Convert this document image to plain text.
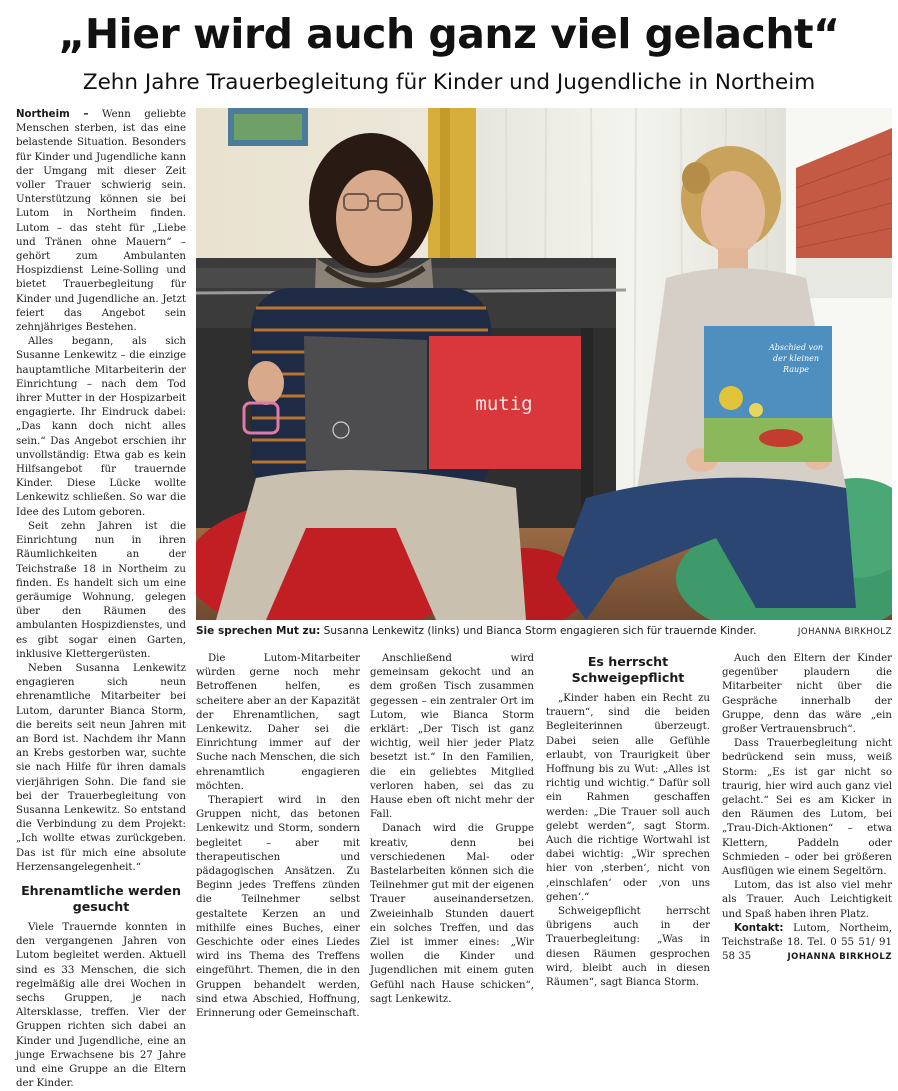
„Hier wird auch ganz viel gelacht“
Zehn Jahre Trauerbegleitung für Kinder und Jugendliche in Northeim

Northeim – Wenn geliebte Menschen sterben, ist das eine belastende Situation. Besonders für Kinder und Jugendliche kann der Umgang mit dieser Zeit voller Trauer schwierig sein. Unterstützung können sie bei Lutom in Northeim finden. Lutom – das steht für „Liebe und Tränen ohne Mauern“ – gehört zum Ambulanten Hospizdienst Leine-Solling und bietet Trauerbegleitung für Kinder und Jugendliche an. Jetzt feiert das Angebot sein zehnjähriges Bestehen.

Alles begann, als sich Susanne Lenkewitz – die einzige hauptamtliche Mitarbeiterin der Einrichtung – nach dem Tod ihrer Mutter in der Hospizarbeit engagierte. Ihr Eindruck dabei: „Das kann doch nicht alles sein.“ Das Angebot erschien ihr unvollständig: Etwa gab es kein Hilfsangebot für trauernde Kinder. Diese Lücke wollte Lenkewitz schließen. So war die Idee des Lutom geboren.

Seit zehn Jahren ist die Einrichtung nun in ihren Räumlichkeiten an der Teichstraße 18 in Northeim zu finden. Es handelt sich um eine geräumige Wohnung, gelegen über den Räumen des ambulanten Hospizdienstes, und es gibt sogar einen Garten, inklusive Klettergerüsten.

Neben Susanna Lenkewitz engagieren sich neun ehrenamtliche Mitarbeiter bei Lutom, darunter Bianca Storm, die bereits seit neun Jahren mit an Bord ist. Nachdem ihr Mann an Krebs gestorben war, suchte sie nach Hilfe für ihren damals vierjährigen Sohn. Die fand sie bei der Trauerbegleitung von Susanna Lenkewitz. So entstand die Verbindung zu dem Projekt: „Ich wollte etwas zurückgeben. Das ist für mich eine absolute Herzensangelegenheit.“

Ehrenamtliche werden gesucht

Viele Trauernde konnten in den vergangenen Jahren von Lutom begleitet werden. Aktuell sind es 33 Menschen, die sich regelmäßig alle drei Wochen in sechs Gruppen, je nach Altersklasse, treffen. Vier der Gruppen richten sich dabei an Kinder und Jugendliche, eine an junge Erwachsene bis 27 Jahre und eine Gruppe an die Eltern der Kinder.

mutig
Abschied von
der kleinen
Raupe
Sie sprechen Mut zu: Susanna Lenkewitz (links) und Bianca Storm engagieren sich für trauernde Kinder.	JOHANNA BIRKHOLZ

Die Lutom-Mitarbeiter würden gerne noch mehr Betroffenen helfen, es scheitere aber an der Kapazität der Ehrenamtlichen, sagt Lenkewitz. Daher sei die Einrichtung immer auf der Suche nach Menschen, die sich ehrenamtlich engagieren möchten.

Therapiert wird in den Gruppen nicht, das betonen Lenkewitz und Storm, sondern begleitet – aber mit therapeutischen und pädagogischen Ansätzen. Zu Beginn jedes Treffens zünden die Teilnehmer selbst gestaltete Kerzen an und mithilfe eines Buches, einer Geschichte oder eines Liedes wird ins Thema des Treffens eingeführt. Themen, die in den Gruppen behandelt werden, sind etwa Abschied, Hoffnung, Erinnerung oder Gemeinschaft.

Anschließend wird gemeinsam gekocht und an dem großen Tisch zusammen gegessen – ein zentraler Ort im Lutom, wie Bianca Storm erklärt: „Der Tisch ist ganz wichtig, weil hier jeder Platz besetzt ist.“ In den Familien, die ein geliebtes Mitglied verloren haben, sei das zu Hause eben oft nicht mehr der Fall.

Danach wird die Gruppe kreativ, denn bei verschiedenen Mal- oder Bastelarbeiten können sich die Teilnehmer gut mit der eigenen Trauer auseinandersetzen. Zweieinhalb Stunden dauert ein solches Treffen, und das Ziel ist immer eines: „Wir wollen die Kinder und Jugendlichen mit einem guten Gefühl nach Hause schicken“, sagt Lenkewitz.

Es herrscht Schweigepflicht

„Kinder haben ein Recht zu trauern“, sind die beiden Begleiterinnen überzeugt. Dabei seien alle Gefühle erlaubt, von Traurigkeit über Hoffnung bis zu Wut: „Alles ist richtig und wichtig.“ Dafür soll ein Rahmen geschaffen werden: „Die Trauer soll auch gelebt werden“, sagt Storm. Auch die richtige Wortwahl ist dabei wichtig: „Wir sprechen hier von ‚sterben‘, nicht von ‚einschlafen‘ oder ‚von uns gehen‘.“

Schweigepflicht herrscht übrigens auch in der Trauerbegleitung: „Was in diesen Räumen gesprochen wird, bleibt auch in diesen Räumen“, sagt Bianca Storm.

Auch den Eltern der Kinder gegenüber plaudern die Mitarbeiter nicht über die Gespräche innerhalb der Gruppe, denn das wäre „ein großer Vertrauensbruch“.

Dass Trauerbegleitung nicht bedrückend sein muss, weiß Storm: „Es ist gar nicht so traurig, hier wird auch ganz viel gelacht.“ Sei es am Kicker in den Räumen des Lutom, bei „Trau-Dich-Aktionen“ – etwa Klettern, Paddeln oder Schmieden – oder bei größeren Ausflügen wie einem Segeltörn.

Lutom, das ist also viel mehr als Trauer. Auch Leichtigkeit und Spaß haben ihren Platz.

Kontakt: Lutom, Northeim, Teichstraße 18. Tel. 0 55 51/ 91 58 35	JOHANNA BIRKHOLZ
